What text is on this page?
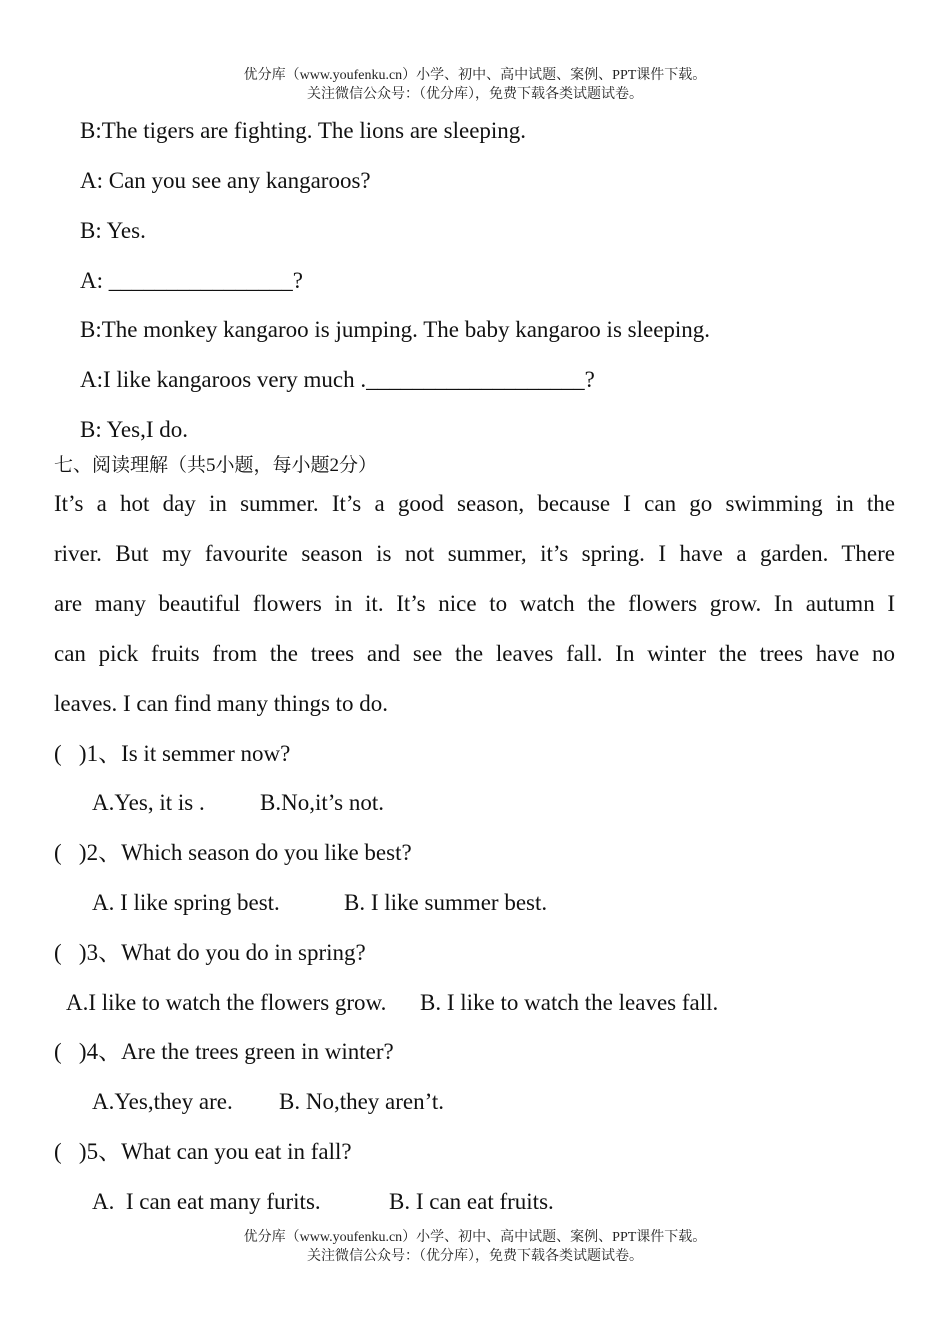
优分库（www.youfenku.cn）小学、初中、高中试题、案例、PPT课件下载。
关注微信公众号：（优分库），免费下载各类试题试卷。
B:The tigers are fighting. The lions are sleeping.
A: Can you see any kangaroos?
B: Yes.
A: ________________?
B:The monkey kangaroo is jumping. The baby kangaroo is sleeping.
A:I like kangaroos very much .___________________?
B: Yes,I do.
七、阅读理解（共5小题，每小题2分）
It’s a hot day in summer. It’s a good season, because I can go swimming in the
river. But my favourite season is not summer, it’s spring. I have a garden. There
are many beautiful flowers in it. It’s nice to watch the flowers grow. In autumn I
can pick fruits from the trees and see the leaves fall. In winter the trees have no
leaves. I can find many things to do.
(   )1、Is it semmer now?
A.Yes, it is . B.No,it’s not.
(   )2、Which season do you like best?
A. I like spring best.	B. I like summer best.
(   )3、What do you do in spring?
A.I like to watch the flowers grow. B. I like to watch the leaves fall.
(   )4、Are the trees green in winter?
A.Yes,they are. B. No,they aren’t.
(   )5、What can you eat in fall?
A.  I can eat many furits.	B. I can eat fruits.
优分库（www.youfenku.cn）小学、初中、高中试题、案例、PPT课件下载。
关注微信公众号：（优分库），免费下载各类试题试卷。
